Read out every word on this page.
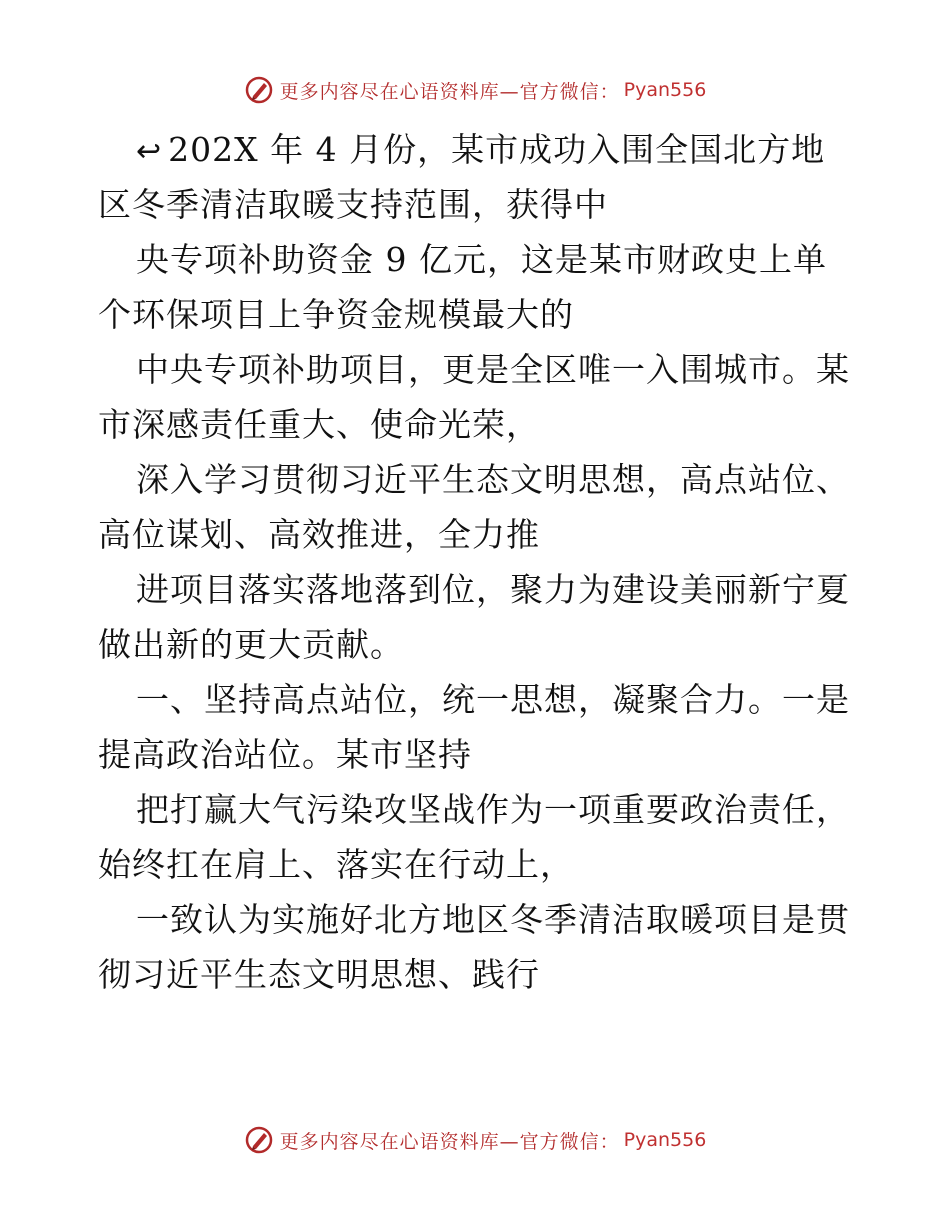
更多内容尽在心语资料库—官方微信： Pyan556
↩ 202X 年 4 月份，某市成功入围全国北方地
区冬季清洁取暖支持范围，获得中
央专项补助资金 9 亿元，这是某市财政史上单
个环保项目上争资金规模最大的
中央专项补助项目，更是全区唯一入围城市。某
市深感责任重大、使命光荣，
深入学习贯彻习近平生态文明思想，高点站位、
高位谋划、高效推进，全力推
进项目落实落地落到位，聚力为建设美丽新宁夏
做出新的更大贡献。
一、坚持高点站位，统一思想，凝聚合力。一是
提高政治站位。某市坚持
把打赢大气污染攻坚战作为一项重要政治责任，
始终扛在肩上、落实在行动上，
一致认为实施好北方地区冬季清洁取暖项目是贯
彻习近平生态文明思想、践行
更多内容尽在心语资料库—官方微信： Pyan556
